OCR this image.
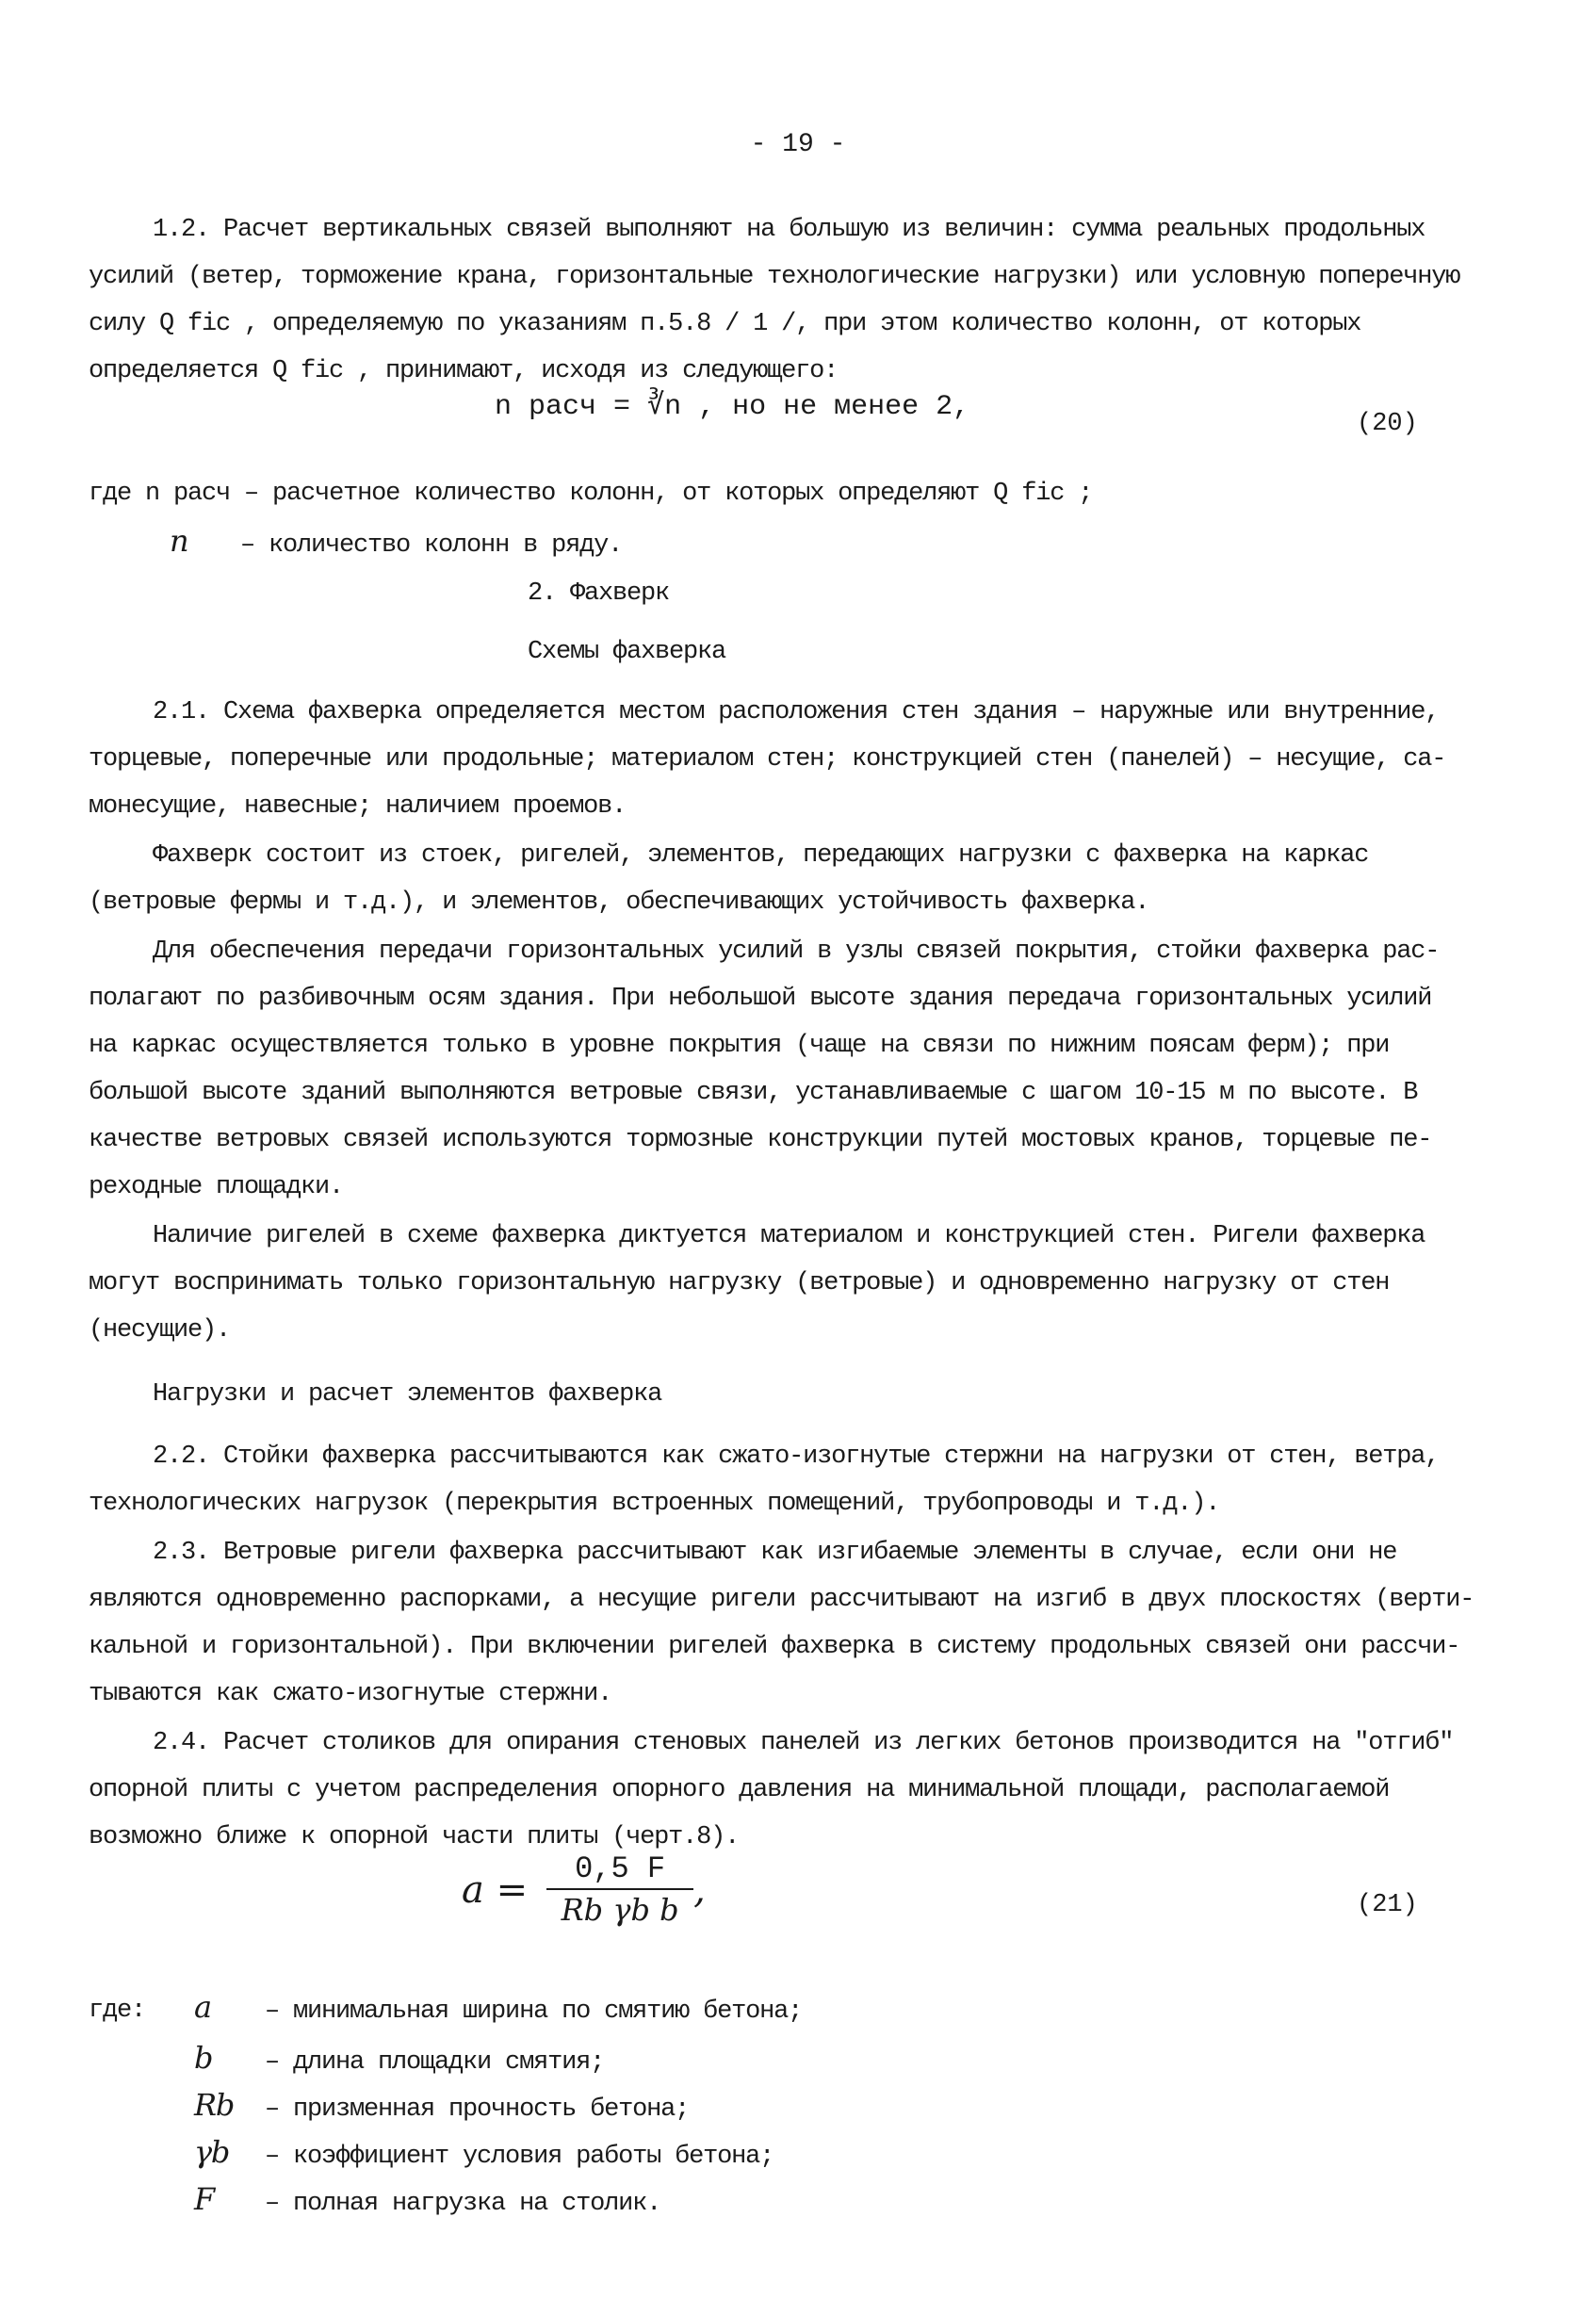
- 19 -
1.2. Расчет вертикальных связей выполняют на большую из величин: сумма реальных продольных
усилий (ветер, торможение крана, горизонтальные технологические нагрузки) или условную поперечную
силу Q fic , определяемую по указаниям п.5.8 / 1 /, при этом количество колонн, от которых
определяется Q fic , принимают, исходя из следующего:
n расч = ∛n , но не менее 2,
(20)
где n расч – расчетное количество колонн, от которых определяют Q fic ;
n – количество колонн в ряду.
2. Фахверк
Схемы фахверка
2.1. Схема фахверка определяется местом расположения стен здания – наружные или внутренние,
торцевые, поперечные или продольные; материалом стен; конструкцией стен (панелей) – несущие, са-
монесущие, навесные; наличием проемов.
Фахверк состоит из стоек, ригелей, элементов, передающих нагрузки с фахверка на каркас
(ветровые фермы и т.д.), и элементов, обеспечивающих устойчивость фахверка.
Для обеспечения передачи горизонтальных усилий в узлы связей покрытия, стойки фахверка рас-
полагают по разбивочным осям здания. При небольшой высоте здания передача горизонтальных усилий
на каркас осуществляется только в уровне покрытия (чаще на связи по нижним поясам ферм); при
большой высоте зданий выполняются ветровые связи, устанавливаемые с шагом 10-15 м по высоте. В
качестве ветровых связей используются тормозные конструкции путей мостовых кранов, торцевые пе-
реходные площадки.
Наличие ригелей в схеме фахверка диктуется материалом и конструкцией стен. Ригели фахверка
могут воспринимать только горизонтальную нагрузку (ветровые) и одновременно нагрузку от стен
(несущие).
Нагрузки и расчет элементов фахверка
2.2. Стойки фахверка рассчитываются как сжато-изогнутые стержни на нагрузки от стен, ветра,
технологических нагрузок (перекрытия встроенных помещений, трубопроводы и т.д.).
2.3. Ветровые ригели фахверка рассчитывают как изгибаемые элементы в случае, если они не
являются одновременно распорками, а несущие ригели рассчитывают на изгиб в двух плоскостях (верти-
кальной и горизонтальной). При включении ригелей фахверка в систему продольных связей они рассчи-
тываются как сжато-изогнутые стержни.
2.4. Расчет столиков для опирания стеновых панелей из легких бетонов производится на "отгиб"
опорной плиты с учетом распределения опорного давления на минимальной площади, располагаемой
возможно ближе к опорной части плиты (черт.8).
$a = \frac{0,5 F}{\text{Rb γb b}}$ ,	(21)
где:	a – минимальная ширина по смятию бетона;
b – длина площадки смятия;
Rb – призменная прочность бетона;
γb – коэффициент условия работы бетона;
F – полная нагрузка на столик.
